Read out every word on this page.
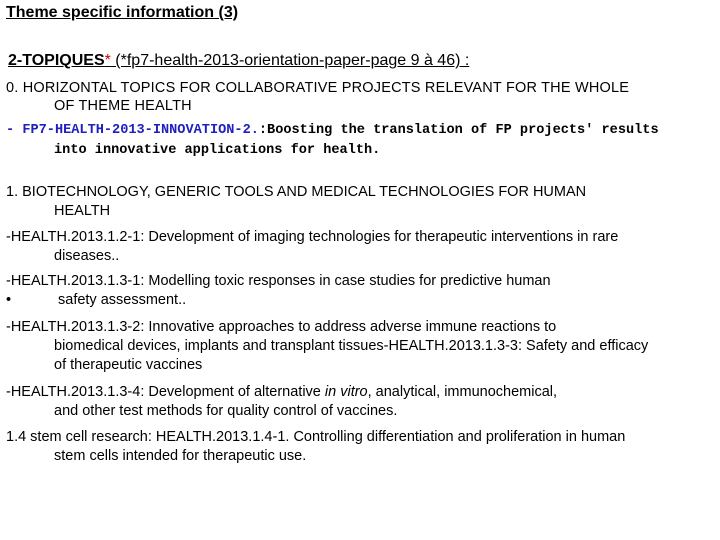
Theme specific information (3)
2-TOPIQUES* (*fp7-health-2013-orientation-paper-page 9 à 46) :
0. HORIZONTAL TOPICS FOR COLLABORATIVE PROJECTS RELEVANT FOR THE WHOLE
OF THEME HEALTH
- FP7-HEALTH-2013-INNOVATION-2.:Boosting the translation of FP projects' results
into innovative applications for health.
1. BIOTECHNOLOGY, GENERIC TOOLS AND MEDICAL TECHNOLOGIES FOR HUMAN
HEALTH
-HEALTH.2013.1.2-1: Development of imaging technologies for therapeutic interventions in rare
diseases..
-HEALTH.2013.1.3-1: Modelling toxic responses in case studies for predictive human
•	safety assessment..
-HEALTH.2013.1.3-2: Innovative approaches to address adverse immune reactions to
biomedical devices, implants and transplant tissues-HEALTH.2013.1.3-3: Safety and efficacy
of therapeutic vaccines
-HEALTH.2013.1.3-4: Development of alternative in vitro, analytical, immunochemical,
and other test methods for quality control of vaccines.
1.4 stem cell research: HEALTH.2013.1.4-1. Controlling differentiation and proliferation in human
stem cells intended for therapeutic use.
